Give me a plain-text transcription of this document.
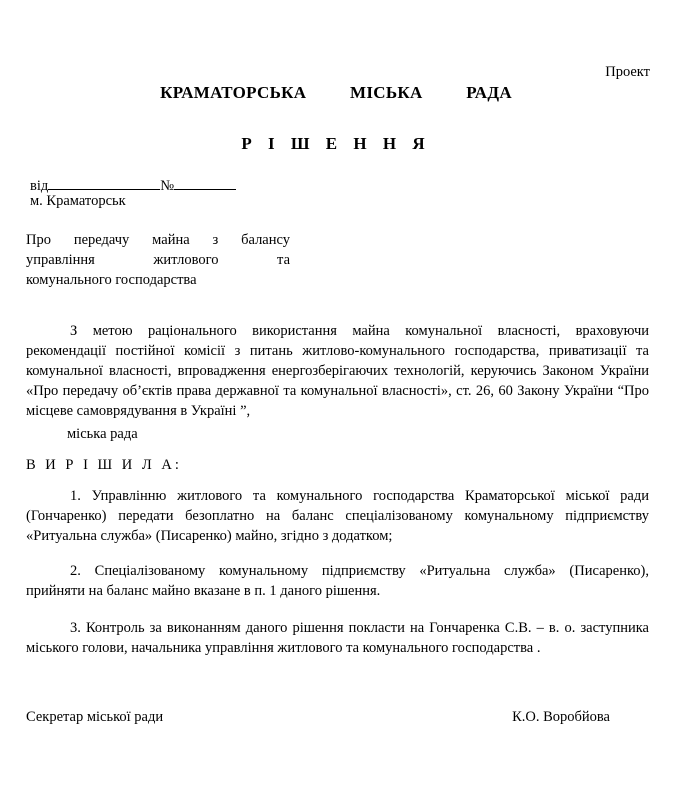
Проект
КРАМАТОРСЬКА   МІСЬКА   РАДА
Р І Ш Е Н Н Я
від	№
м. Краматорськ
Про передачу майна з балансу
управління житлового та
комунального господарства
З метою раціонального використання майна комунальної власності, враховуючи рекомендації постійної комісії з питань житлово-комунального господарства, приватизації та комунальної власності, впровадження енергозберігаючих технологій, керуючись Законом України «Про передачу об’єктів права державної та комунальної власності», ст. 26, 60 Закону України “Про місцеве самоврядування в Україні ”,
міська рада
В И Р І Ш И Л А:
1. Управлінню житлового та комунального господарства Краматорської міської ради (Гончаренко) передати безоплатно на баланс спеціалізованому комунальному підприємству «Ритуальна служба» (Писаренко) майно, згідно з додатком;
2. Спеціалізованому комунальному підприємству «Ритуальна служба» (Писаренко), прийняти на баланс майно вказане в п. 1 даного рішення.
3. Контроль за виконанням даного рішення покласти на Гончаренка С.В. – в. о. заступника міського голови, начальника управління житлового та комунального господарства .
Секретар міської ради	К.О. Воробйова
